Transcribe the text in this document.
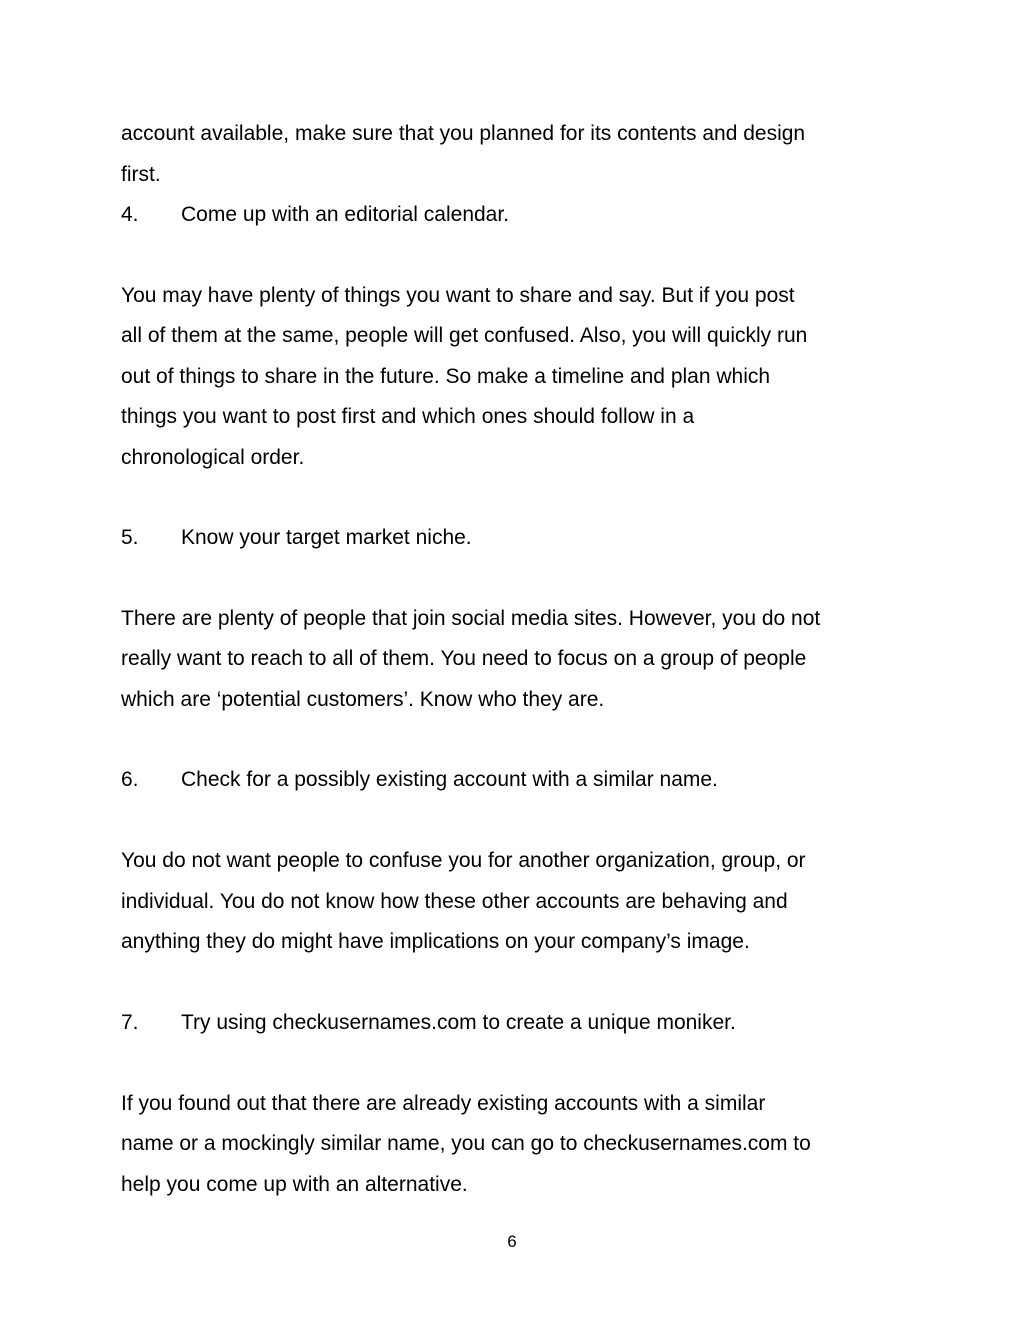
account available, make sure that you planned for its contents and design
first.
4. Come up with an editorial calendar.
You may have plenty of things you want to share and say. But if you post
all of them at the same, people will get confused. Also, you will quickly run
out of things to share in the future. So make a timeline and plan which
things you want to post first and which ones should follow in a
chronological order.
5. Know your target market niche.
There are plenty of people that join social media sites. However, you do not
really want to reach to all of them. You need to focus on a group of people
which are ‘potential customers’. Know who they are.
6. Check for a possibly existing account with a similar name.
You do not want people to confuse you for another organization, group, or
individual. You do not know how these other accounts are behaving and
anything they do might have implications on your company’s image.
7. Try using checkusernames.com to create a unique moniker.
If you found out that there are already existing accounts with a similar
name or a mockingly similar name, you can go to checkusernames.com to
help you come up with an alternative.
6
